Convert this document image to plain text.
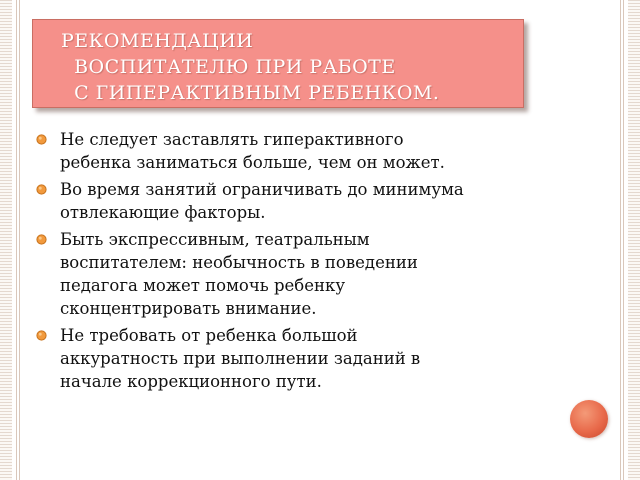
РЕКОМЕНДАЦИИ
ВОСПИТАТЕЛЮ ПРИ РАБОТЕ
С ГИПЕРАКТИВНЫМ РЕБЕНКОМ.
Не следует заставлять гиперактивного
ребенка заниматься больше, чем он может.
Во время занятий ограничивать до минимума
отвлекающие факторы.
Быть экспрессивным, театральным
воспитателем: необычность в поведении
педагога может помочь ребенку
сконцентрировать внимание.
Не требовать от ребенка большой
аккуратность при выполнении заданий в
начале коррекционного пути.
